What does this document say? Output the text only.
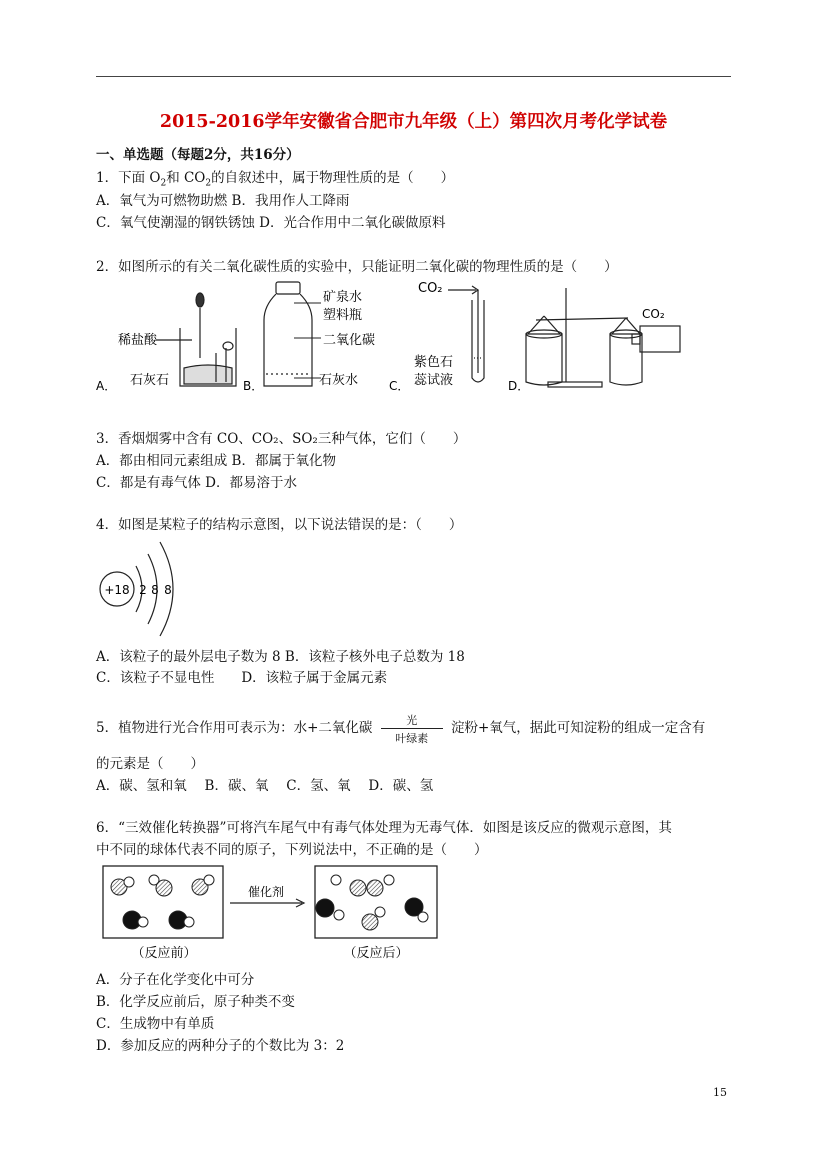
2015-2016学年安徽省合肥市九年级（上）第四次月考化学试卷
一、单选题（每题2分，共16分）
1．下面 $O_2$和 $CO_2$的自叙述中，属于物理性质的是（　　）
A．氧气为可燃物助燃 B．我用作人工降雨
C．氧气使潮湿的钢铁锈蚀 D．光合作用中二氧化碳做原料
2．如图所示的有关二氧化碳性质的实验中，只能证明二氧化碳的物理性质的是（　　）
A．
稀盐酸
石灰石	B．
矿泉水
塑料瓶
二氧化碳
石灰水	C．
CO₂
紫色石
蕊试液	D．
CO₂
3．香烟烟雾中含有 CO、CO₂、SO₂三种气体，它们（　　）
A．都由相同元素组成 B．都属于氧化物
C．都是有毒气体 D．都易溶于水
4．如图是某粒子的结构示意图，以下说法错误的是：（　　）
+18 2 8 8
A．该粒子的最外层电子数为 8 B．该粒子核外电子总数为 18
C．该粒子不显电性　　D．该粒子属于金属元素
5．植物进行光合作用可表示为：水+二氧化碳	光
叶绿素
淀粉+氧气，据此可知淀粉的组成一定含有
的元素是（　　）
A．碳、氢和氧　 B．碳、氧　 C．氢、氧　 D．碳、氢
6．“三效催化转换器”可将汽车尾气中有毒气体处理为无毒气体．如图是该反应的微观示意图，其
中不同的球体代表不同的原子，下列说法中，不正确的是（　　）
催化剂
（反应前）	（反应后）
A．分子在化学变化中可分
B．化学反应前后，原子种类不变
C．生成物中有单质
D．参加反应的两种分子的个数比为 3：2
15
